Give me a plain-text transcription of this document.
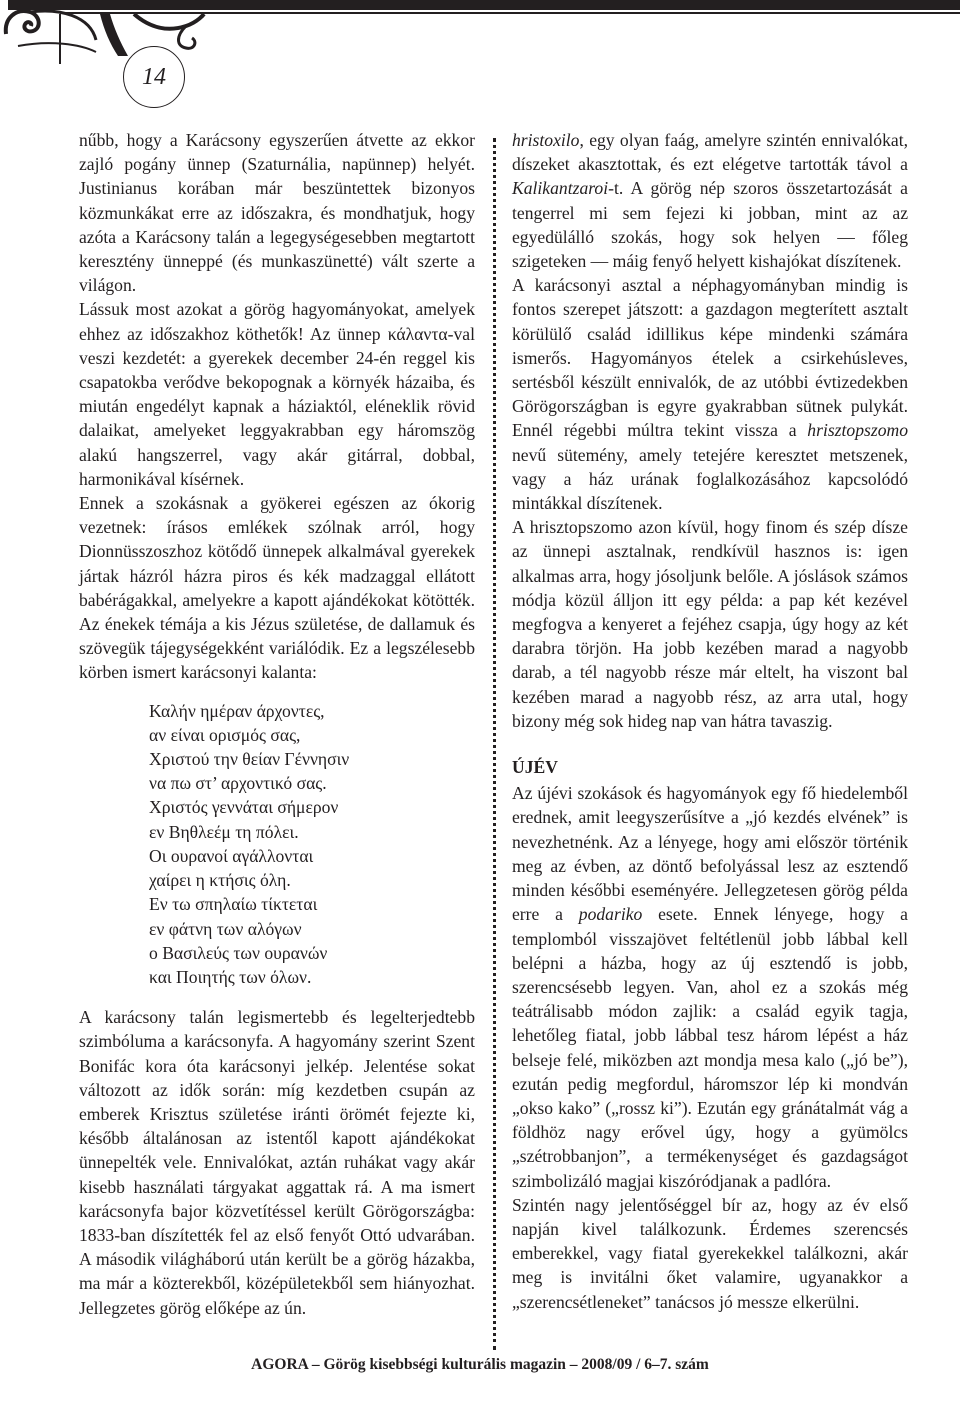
14

nűbb, hogy a Karácsony egyszerűen átvette az ekkor zajló pogány ünnep (Szaturnália, napünnep) helyét. Justinianus korában már beszüntettek bizonyos közmunkákat erre az időszakra, és mondhatjuk, hogy azóta a Karácsony talán a legegységesebben megtartott keresztény ünneppé (és munkaszünetté) vált szerte a világon.

Lássuk most azokat a görög hagyományokat, amelyek ehhez az időszakhoz köthetők! Az ünnep κάλαντα-val veszi kezdetét: a gyerekek december 24-én reggel kis csapatokba verődve bekopognak a környék házaiba, és miután engedélyt kapnak a háziaktól, eléneklik rövid dalaikat, amelyeket leggyakrabban egy háromszög alakú hangszerrel, vagy akár gitárral, dobbal, harmonikával kísérnek.

Ennek a szokásnak a gyökerei egészen az ókorig vezetnek: írásos emlékek szólnak arról, hogy Dionnüsszoszhoz kötődő ünnepek alkalmával gyerekek jártak házról házra piros és kék madzaggal ellátott babérágakkal, amelyekre a kapott ajándékokat kötötték. Az énekek témája a kis Jézus születése, de dallamuk és szövegük tájegységekként variálódik. Ez a legszélesebb körben ismert karácsonyi kalanta:

Καλήν ημέραν άρχοντες,
αν είναι ορισμός σας,
Χριστού την θείαν Γέννησιν
να πω στ’ αρχοντικό σας.
Χριστός γεννάται σήμερον
εν Βηθλεέμ τη πόλει.
Οι ουρανοί αγάλλονται
χαίρει η κτήσις όλη.
Εν τω σπηλαίω τίκτεται
εν φάτνη των αλόγων
ο Βασιλεύς των ουρανών
και Ποιητής των όλων.

A karácsony talán legismertebb és legelterjedtebb szimbóluma a karácsonyfa. A hagyomány szerint Szent Bonifác kora óta karácsonyi jelkép. Jelentése sokat változott az idők során: míg kezdetben csupán az emberek Krisztus születése iránti örömét fejezte ki, később általánosan az istentől kapott ajándékokat ünnepelték vele. Ennivalókat, aztán ruhákat vagy akár kisebb használati tárgyakat aggattak rá. A ma ismert karácsonyfa bajor közvetítéssel került Görögországba: 1833-ban díszítették fel az első fenyőt Ottó udvarában. A második világháború után került be a görög házakba, ma már a közterekből, középületekből sem hiányozhat. Jellegzetes görög előképe az ún.

hristoxilo, egy olyan faág, amelyre szintén ennivalókat, díszeket akasztottak, és ezt elégetve tartották távol a Kalikantzaroi-t. A görög nép szoros összetartozását a tengerrel mi sem fejezi ki jobban, mint az az egyedülálló szokás, hogy sok helyen — főleg szigeteken — máig fenyő helyett kishajókat díszítenek.

A karácsonyi asztal a néphagyományban mindig is fontos szerepet játszott: a gazdagon megterített asztalt körülülő család idillikus képe mindenki számára ismerős. Hagyományos ételek a csirkehúsleves, sertésből készült ennivalók, de az utóbbi évtizedekben Görögországban is egyre gyakrabban sütnek pulykát. Ennél régebbi múltra tekint vissza a hrisztopszomo nevű sütemény, amely tetejére keresztet metszenek, vagy a ház urának foglalkozásához kapcsolódó mintákkal díszítenek.

A hrisztopszomo azon kívül, hogy finom és szép dísze az ünnepi asztalnak, rendkívül hasznos is: igen alkalmas arra, hogy jósoljunk belőle. A jóslások számos módja közül álljon itt egy példa: a pap két kezével megfogva a kenyeret a fejéhez csapja, úgy hogy az két darabra törjön. Ha jobb kezében marad a nagyobb darab, a tél nagyobb része már eltelt, ha viszont bal kezében marad a nagyobb rész, az arra utal, hogy bizony még sok hideg nap van hátra tavaszig.

ÚJÉV

Az újévi szokások és hagyományok egy fő hiedelemből erednek, amit leegyszerűsítve a „jó kezdés elvének” is nevezhetnénk. Az a lényege, hogy ami először történik meg az évben, az döntő befolyással lesz az esztendő minden későbbi eseményére. Jellegzetesen görög példa erre a podariko esete. Ennek lényege, hogy a templomból visszajövet feltétlenül jobb lábbal kell belépni a házba, hogy az új esztendő is jobb, szerencsésebb legyen. Van, ahol ez a szokás még teátrálisabb módon zajlik: a család egyik tagja, lehetőleg fiatal, jobb lábbal tesz három lépést a ház belseje felé, miközben azt mondja mesa kalo („jó be”), ezután pedig megfordul, háromszor lép ki mondván „okso kako” („rossz ki”). Ezután egy gránátalmát vág a földhöz nagy erővel úgy, hogy a gyümölcs „szétrobbanjon”, a termékenységet és gazdagságot szimbolizáló magjai kiszóródjanak a padlóra.

Szintén nagy jelentőséggel bír az, hogy az év első napján kivel találkozunk. Érdemes szerencsés emberekkel, vagy fiatal gyerekekkel találkozni, akár meg is invitálni őket valamire, ugyanakkor a „szerencsétleneket” tanácsos jó messze elkerülni.

AGORA – Görög kisebbségi kulturális magazin – 2008/09 / 6–7. szám
